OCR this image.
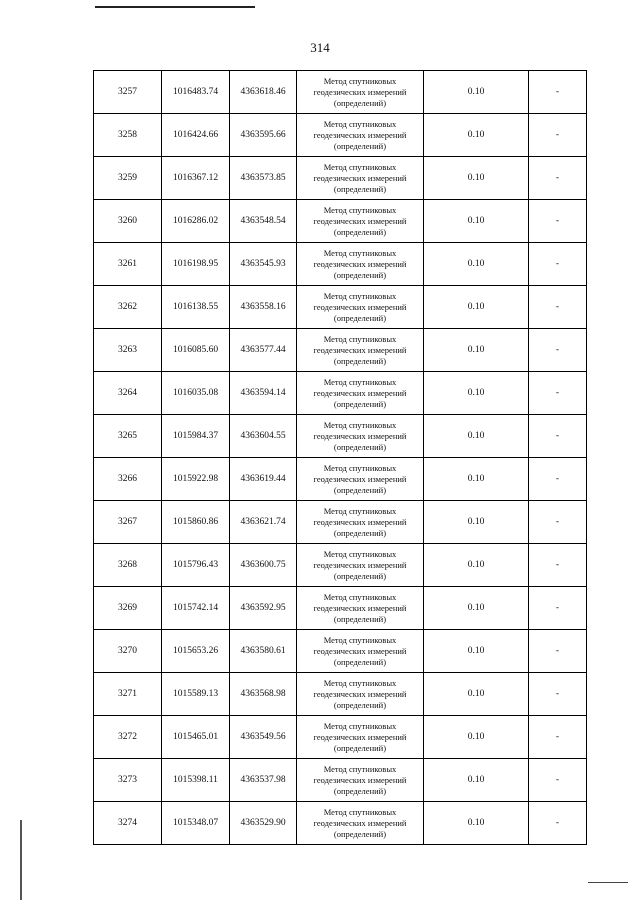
314
3257	1016483.74	4363618.46	Метод спутниковых геодезических измерений (определений)	0.10	-
3258	1016424.66	4363595.66	Метод спутниковых геодезических измерений (определений)	0.10	-
3259	1016367.12	4363573.85	Метод спутниковых геодезических измерений (определений)	0.10	-
3260	1016286.02	4363548.54	Метод спутниковых геодезических измерений (определений)	0.10	-
3261	1016198.95	4363545.93	Метод спутниковых геодезических измерений (определений)	0.10	-
3262	1016138.55	4363558.16	Метод спутниковых геодезических измерений (определений)	0.10	-
3263	1016085.60	4363577.44	Метод спутниковых геодезических измерений (определений)	0.10	-
3264	1016035.08	4363594.14	Метод спутниковых геодезических измерений (определений)	0.10	-
3265	1015984.37	4363604.55	Метод спутниковых геодезических измерений (определений)	0.10	-
3266	1015922.98	4363619.44	Метод спутниковых геодезических измерений (определений)	0.10	-
3267	1015860.86	4363621.74	Метод спутниковых геодезических измерений (определений)	0.10	-
3268	1015796.43	4363600.75	Метод спутниковых геодезических измерений (определений)	0.10	-
3269	1015742.14	4363592.95	Метод спутниковых геодезических измерений (определений)	0.10	-
3270	1015653.26	4363580.61	Метод спутниковых геодезических измерений (определений)	0.10	-
3271	1015589.13	4363568.98	Метод спутниковых геодезических измерений (определений)	0.10	-
3272	1015465.01	4363549.56	Метод спутниковых геодезических измерений (определений)	0.10	-
3273	1015398.11	4363537.98	Метод спутниковых геодезических измерений (определений)	0.10	-
3274	1015348.07	4363529.90	Метод спутниковых геодезических измерений (определений)	0.10	-
